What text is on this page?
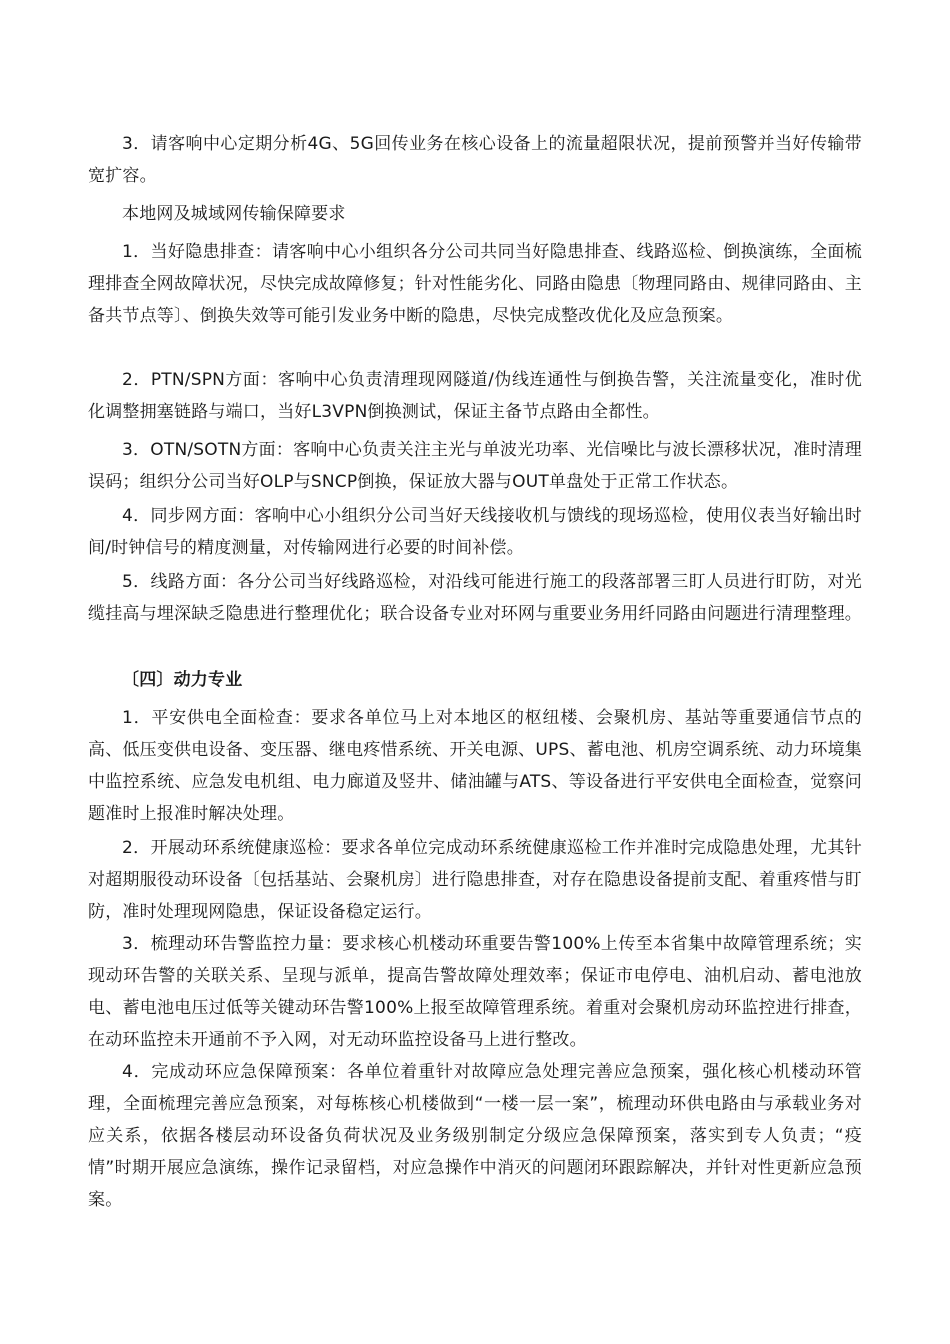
3．请客响中心定期分析4G、5G回传业务在核心设备上的流量超限状况，提前预警并当好传输带宽扩容。

本地网及城域网传输保障要求

1．当好隐患排查：请客响中心小组织各分公司共同当好隐患排查、线路巡检、倒换演练，全面梳理排查全网故障状况，尽快完成故障修复；针对性能劣化、同路由隐患〔物理同路由、规律同路由、主备共节点等〕、倒换失效等可能引发业务中断的隐患，尽快完成整改优化及应急预案。

2．PTN/SPN方面：客响中心负责清理现网隧道/伪线连通性与倒换告警，关注流量变化，准时优化调整拥塞链路与端口，当好L3VPN倒换测试，保证主备节点路由全都性。

3．OTN/SOTN方面：客响中心负责关注主光与单波光功率、光信噪比与波长漂移状况，准时清理误码；组织分公司当好OLP与SNCP倒换，保证放大器与OUT单盘处于正常工作状态。

4．同步网方面：客响中心小组织分公司当好天线接收机与馈线的现场巡检，使用仪表当好输出时间/时钟信号的精度测量，对传输网进行必要的时间补偿。

5．线路方面：各分公司当好线路巡检，对沿线可能进行施工的段落部署三盯人员进行盯防，对光缆挂高与埋深缺乏隐患进行整理优化；联合设备专业对环网与重要业务用纤同路由问题进行清理整理。

〔四〕动力专业

1．平安供电全面检查：要求各单位马上对本地区的枢纽楼、会聚机房、基站等重要通信节点的高、低压变供电设备、变压器、继电疼惜系统、开关电源、UPS、蓄电池、机房空调系统、动力环境集中监控系统、应急发电机组、电力廊道及竖井、储油罐与ATS、等设备进行平安供电全面检查，觉察问题准时上报准时解决处理。

2．开展动环系统健康巡检：要求各单位完成动环系统健康巡检工作并准时完成隐患处理，尤其针对超期服役动环设备〔包括基站、会聚机房〕进行隐患排查，对存在隐患设备提前支配、着重疼惜与盯防，准时处理现网隐患，保证设备稳定运行。

3．梳理动环告警监控力量：要求核心机楼动环重要告警100%上传至本省集中故障管理系统；实现动环告警的关联关系、呈现与派单，提高告警故障处理效率；保证市电停电、油机启动、蓄电池放电、蓄电池电压过低等关键动环告警100%上报至故障管理系统。着重对会聚机房动环监控进行排查，在动环监控未开通前不予入网，对无动环监控设备马上进行整改。

4．完成动环应急保障预案：各单位着重针对故障应急处理完善应急预案，强化核心机楼动环管理，全面梳理完善应急预案，对每栋核心机楼做到“一楼一层一案”，梳理动环供电路由与承载业务对应关系，依据各楼层动环设备负荷状况及业务级别制定分级应急保障预案，落实到专人负责；“疫情”时期开展应急演练，操作记录留档，对应急操作中消灭的问题闭环跟踪解决，并针对性更新应急预案。
